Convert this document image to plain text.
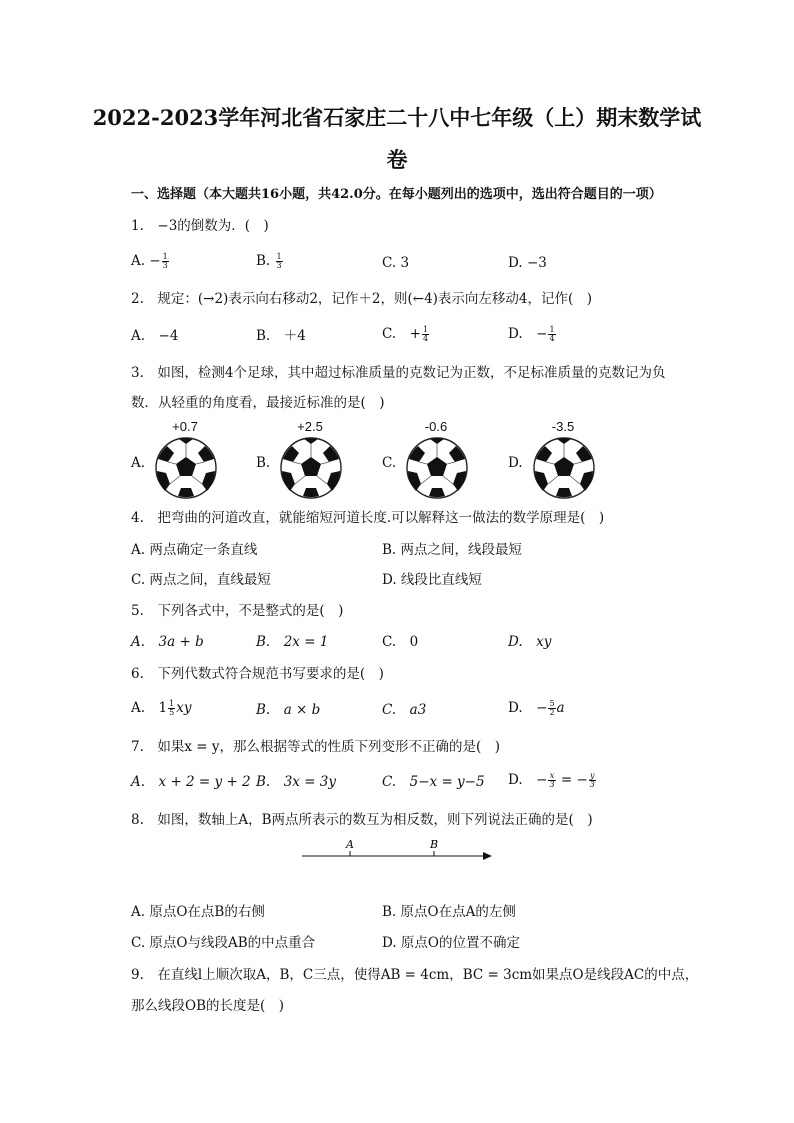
2022-2023学年河北省石家庄二十八中七年级（上）期末数学试
卷
一、选择题（本大题共16小题，共42.0分。在每小题列出的选项中，选出符合题目的一项）
1.　−3的倒数为．(　)
A. − $\frac{1}{3}$	B. $\frac{1}{3}$	C. 3	D. −3
2.　规定：(→2)表示向右移动2，记作＋2，则(←4)表示向左移动4，记作(　)
A.　−4	B.　＋4	C.　+ $\frac{1}{4}$	D.　− $\frac{1}{4}$
3.　如图，检测4个足球，其中超过标准质量的克数记为正数，不足标准质量的克数记为负
数．从轻重的角度看，最接近标准的是(　)
A.	B.	C.	D.
+0.7	+2.5	-0.6	-3.5
4.　把弯曲的河道改直，就能缩短河道长度.可以解释这一做法的数学原理是(　)
A. 两点确定一条直线	B. 两点之间，线段最短
C. 两点之间，直线最短	D. 线段比直线短
5.　下列各式中，不是整式的是(　)
A.　3a + b	B.　2x = 1	C.　0	D.　xy
6.　下列代数式符合规范书写要求的是(　)
A.　$1 \frac{1}{5}$ xy	B.　a × b	C.　a3	D.　− $\frac{5}{2}$ a
7.　如果x = y，那么根据等式的性质下列变形不正确的是(　)
A.　x + 2 = y + 2 B.　3x = 3y	C.　5−x = y−5 D.　− $\frac{x}{3}$ = − $\frac{y}{3}$
8.　如图，数轴上A，B两点所表示的数互为相反数，则下列说法正确的是(　)
A	B
A. 原点O在点B的右侧	B. 原点O在点A的左侧
C. 原点O与线段AB的中点重合	D. 原点O的位置不确定
9.　在直线l上顺次取A，B，C三点，使得AB = 4cm，BC = 3cm如果点O是线段AC的中点，
那么线段OB的长度是(　)
